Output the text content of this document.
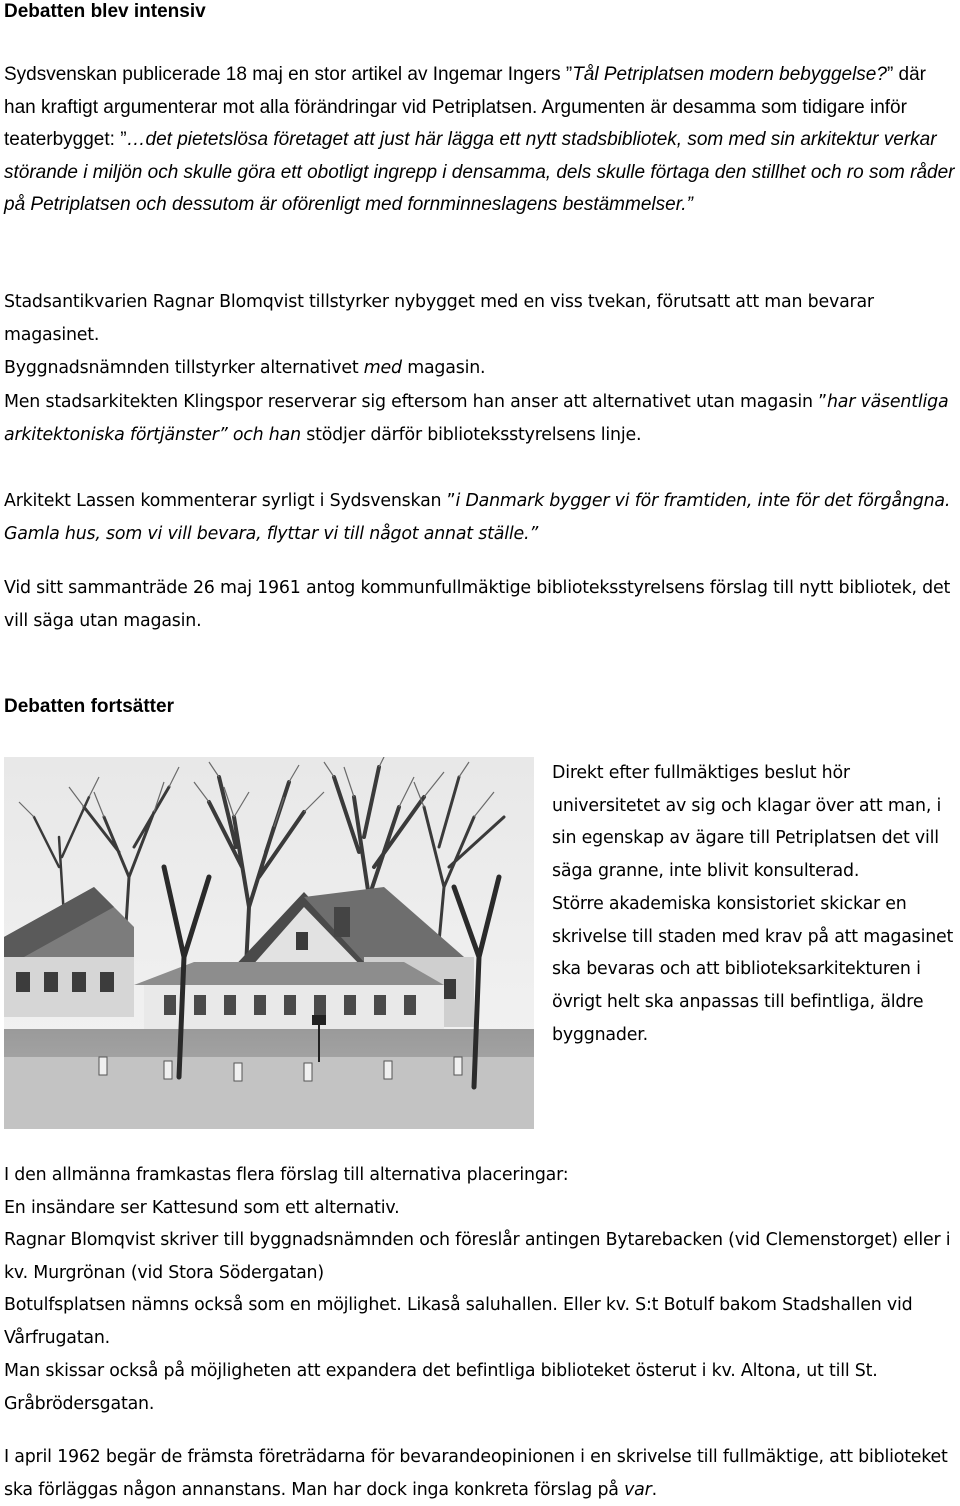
Debatten blev intensiv

Sydsvenskan publicerade 18 maj en stor artikel av Ingemar Ingers ”Tål Petriplatsen modern bebyggelse?” där han kraftigt argumenterar mot alla förändringar vid Petriplatsen. Argumenten är desamma som tidigare inför teaterbygget: ”…det pietetslösa företaget att just här lägga ett nytt stadsbibliotek, som med sin arkitektur verkar störande i miljön och skulle göra ett obotligt ingrepp i densamma, dels skulle förtaga den stillhet och ro som råder på Petriplatsen och dessutom är oförenligt med fornminneslagens bestämmelser.”

Stadsantikvarien Ragnar Blomqvist tillstyrker nybygget med en viss tvekan, förutsatt att man bevarar magasinet.

Byggnadsnämnden tillstyrker alternativet med magasin.

Men stadsarkitekten Klingspor reserverar sig eftersom han anser att alternativet utan magasin ”har väsentliga arkitektoniska förtjänster” och han stödjer därför biblioteksstyrelsens linje.

Arkitekt Lassen kommenterar syrligt i Sydsvenskan ”i Danmark bygger vi för framtiden, inte för det förgångna. Gamla hus, som vi vill bevara, flyttar vi till något annat ställe.”

Vid sitt sammanträde 26 maj 1961 antog kommunfullmäktige biblioteksstyrelsens förslag till nytt bibliotek, det vill säga utan magasin.

Debatten fortsätter

Direkt efter fullmäktiges beslut hör universitetet av sig och klagar över att man, i sin egenskap av ägare till Petriplatsen det vill säga granne, inte blivit konsulterad.

Större akademiska konsistoriet skickar en skrivelse till staden med krav på att magasinet ska bevaras och att biblioteksarkitekturen i övrigt helt ska anpassas till befintliga, äldre byggnader.

I den allmänna framkastas flera förslag till alternativa placeringar:

En insändare ser Kattesund som ett alternativ.

Ragnar Blomqvist skriver till byggnadsnämnden och föreslår antingen Bytarebacken (vid Clemenstorget) eller i kv. Murgrönan (vid Stora Södergatan)

Botulfsplatsen nämns också som en möjlighet. Likaså saluhallen. Eller kv. S:t Botulf bakom Stadshallen vid Vårfrugatan.

Man skissar också på möjligheten att expandera det befintliga biblioteket österut i kv. Altona, ut till St. Gråbrödersgatan.

I april 1962 begär de främsta företrädarna för bevarandeopinionen i en skrivelse till fullmäktige, att biblioteket ska förläggas någon annanstans. Man har dock inga konkreta förslag på var.
